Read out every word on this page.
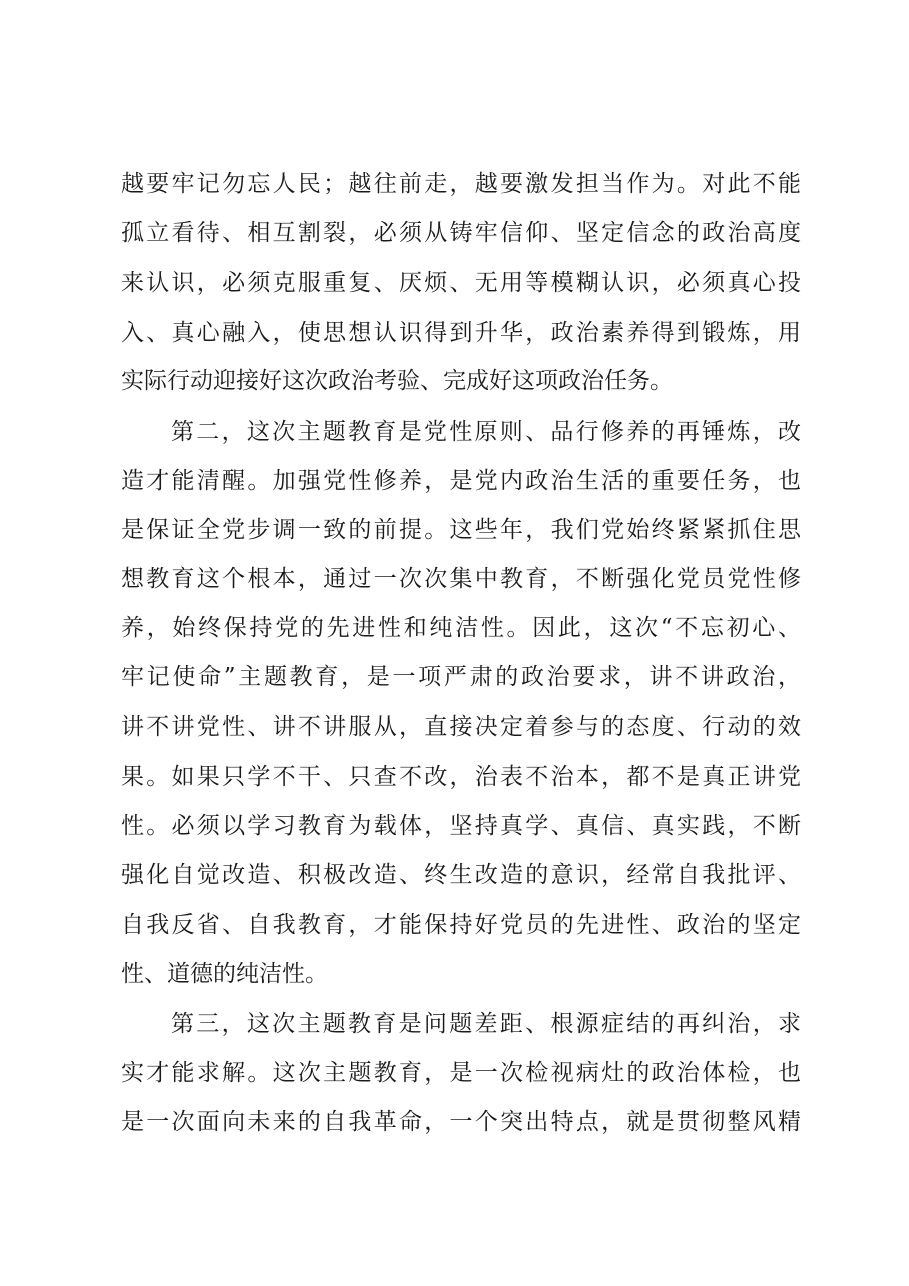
越要牢记勿忘人民；越往前走，越要激发担当作为。对此不能
孤立看待、相互割裂，必须从铸牢信仰、坚定信念的政治高度
来认识，必须克服重复、厌烦、无用等模糊认识，必须真心投
入、真心融入，使思想认识得到升华，政治素养得到锻炼，用
实际行动迎接好这次政治考验、完成好这项政治任务。
第二，这次主题教育是党性原则、品行修养的再锤炼，改
造才能清醒。加强党性修养，是党内政治生活的重要任务，也
是保证全党步调一致的前提。这些年，我们党始终紧紧抓住思
想教育这个根本，通过一次次集中教育，不断强化党员党性修
养，始终保持党的先进性和纯洁性。因此，这次“不忘初心、
牢记使命”主题教育，是一项严肃的政治要求，讲不讲政治，
讲不讲党性、讲不讲服从，直接决定着参与的态度、行动的效
果。如果只学不干、只查不改，治表不治本，都不是真正讲党
性。必须以学习教育为载体，坚持真学、真信、真实践，不断
强化自觉改造、积极改造、终生改造的意识，经常自我批评、
自我反省、自我教育，才能保持好党员的先进性、政治的坚定
性、道德的纯洁性。
第三，这次主题教育是问题差距、根源症结的再纠治，求
实才能求解。这次主题教育，是一次检视病灶的政治体检，也
是一次面向未来的自我革命，一个突出特点，就是贯彻整风精
